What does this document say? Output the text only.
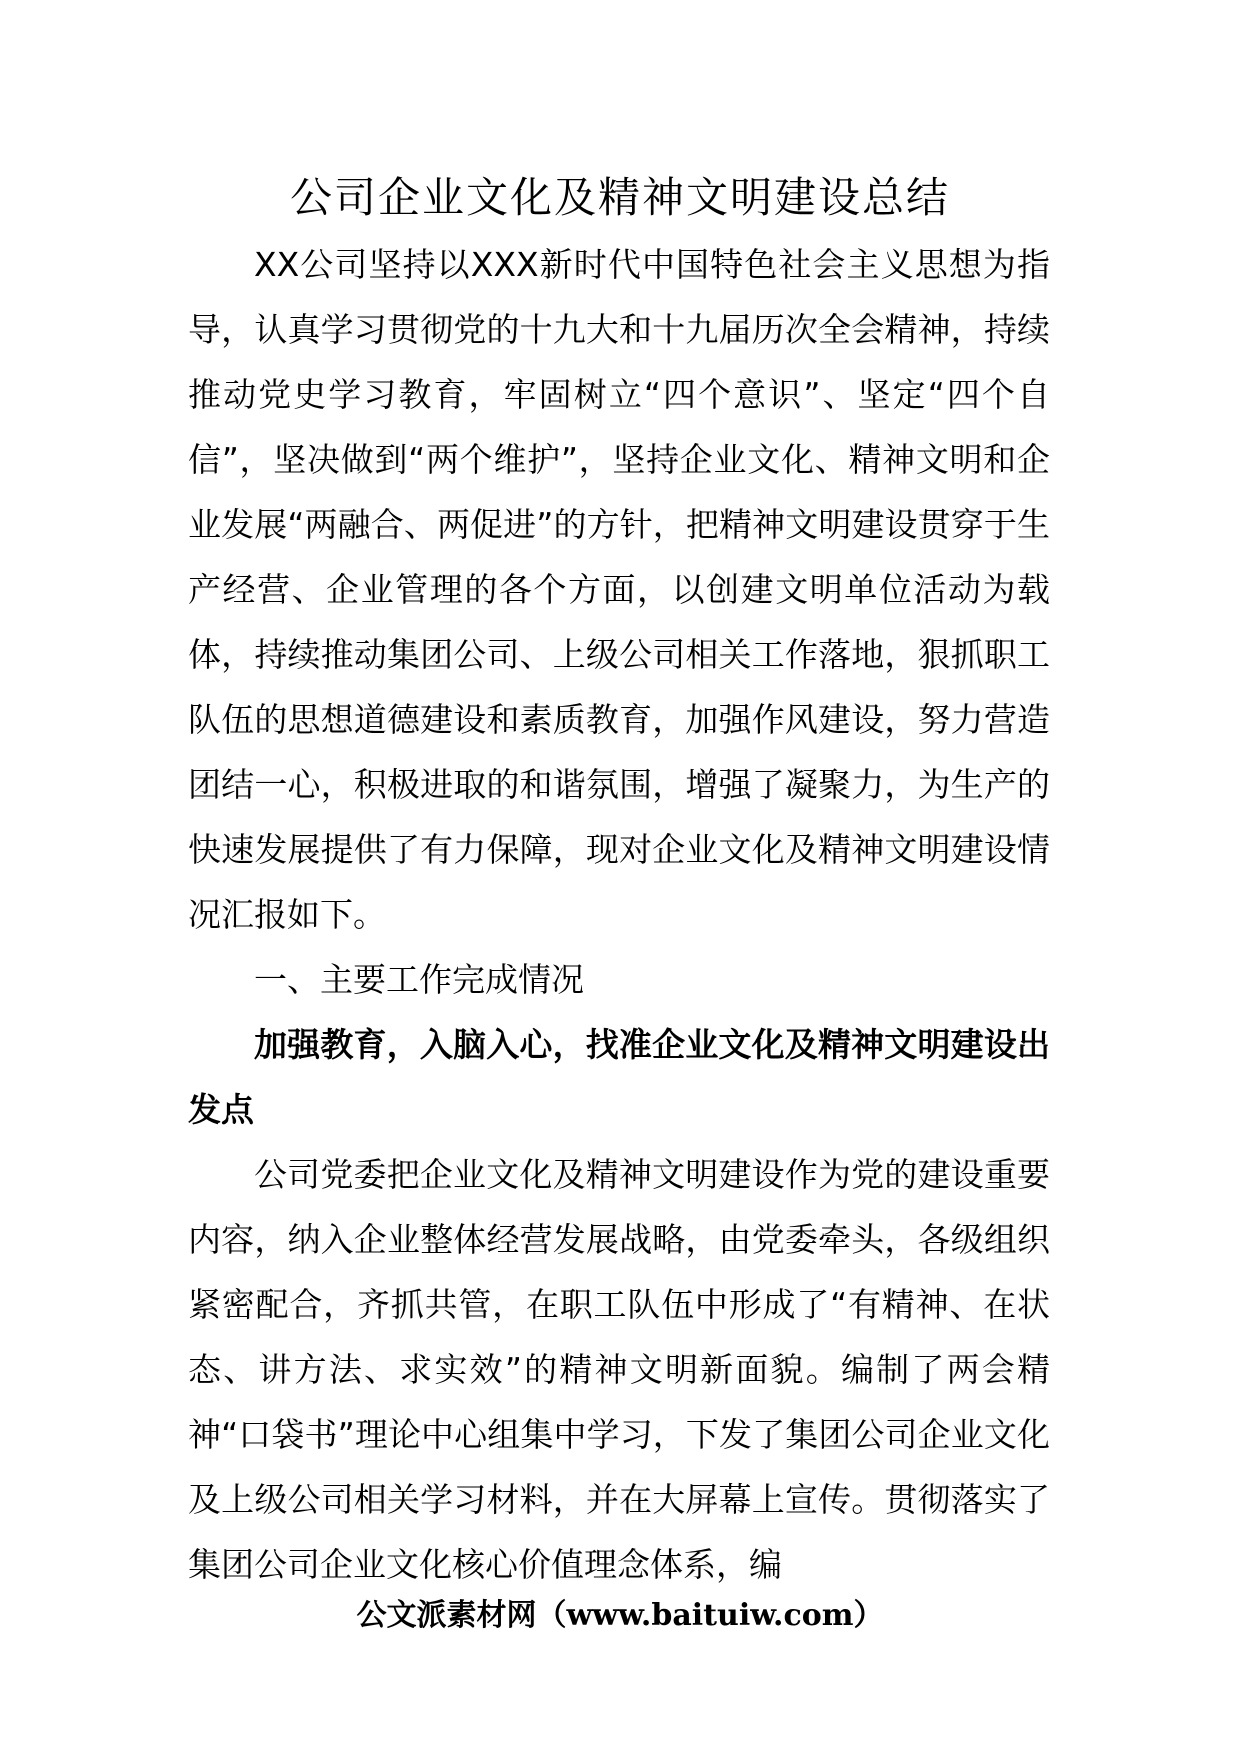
公司企业文化及精神文明建设总结

XX公司坚持以XXX新时代中国特色社会主义思想为指导，认真学习贯彻党的十九大和十九届历次全会精神，持续推动党史学习教育，牢固树立“四个意识”、坚定“四个自信”，坚决做到“两个维护”，坚持企业文化、精神文明和企业发展“两融合、两促进”的方针，把精神文明建设贯穿于生产经营、企业管理的各个方面，以创建文明单位活动为载体，持续推动集团公司、上级公司相关工作落地，狠抓职工队伍的思想道德建设和素质教育，加强作风建设，努力营造团结一心，积极进取的和谐氛围，增强了凝聚力，为生产的快速发展提供了有力保障，现对企业文化及精神文明建设情况汇报如下。

一、主要工作完成情况

加强教育，入脑入心，找准企业文化及精神文明建设出发点

公司党委把企业文化及精神文明建设作为党的建设重要内容，纳入企业整体经营发展战略，由党委牵头，各级组织紧密配合，齐抓共管，在职工队伍中形成了“有精神、在状态、讲方法、求实效”的精神文明新面貌。编制了两会精神“口袋书”理论中心组集中学习，下发了集团公司企业文化及上级公司相关学习材料，并在大屏幕上宣传。贯彻落实了集团公司企业文化核心价值理念体系，编

公文派素材网（www.baituiw.com）
